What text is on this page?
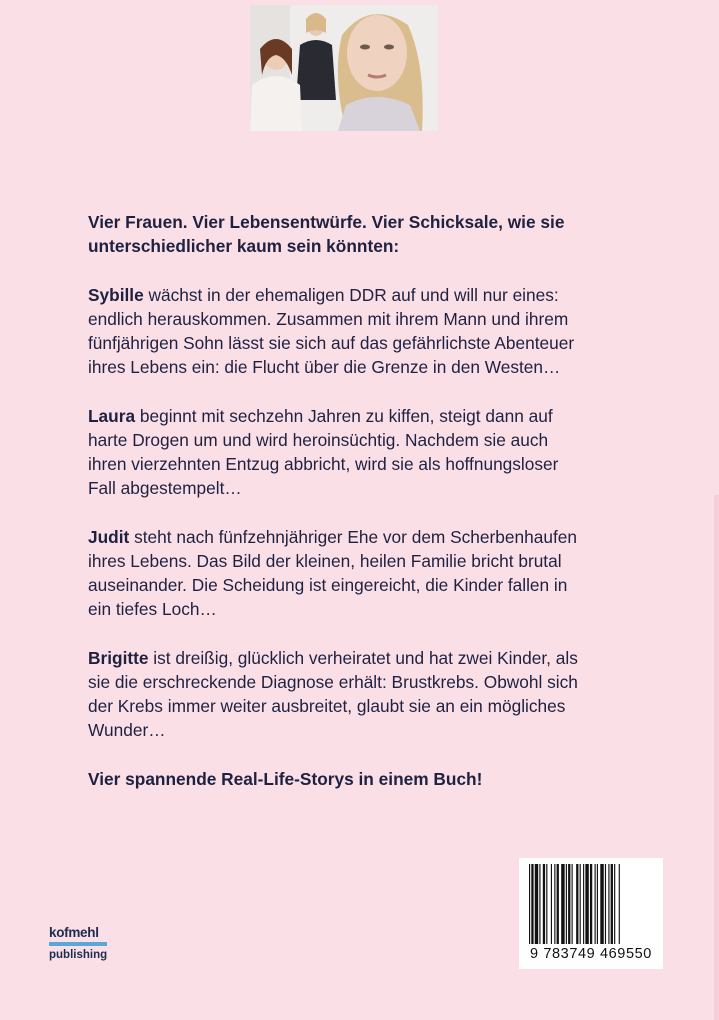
Vier Frauen. Vier Lebensentwürfe. Vier Schicksale, wie sie unterschiedlicher kaum sein könnten:

Sybille wächst in der ehemaligen DDR auf und will nur eines: endlich herauskommen. Zusammen mit ihrem Mann und ihrem fünfjährigen Sohn lässt sie sich auf das gefährlichste Abenteuer ihres Lebens ein: die Flucht über die Grenze in den Westen…

Laura beginnt mit sechzehn Jahren zu kiffen, steigt dann auf harte Drogen um und wird heroinsüchtig. Nachdem sie auch ihren vierzehnten Entzug abbricht, wird sie als hoffnungsloser Fall abgestempelt…

Judit steht nach fünfzehnjähriger Ehe vor dem Scherbenhaufen ihres Lebens. Das Bild der kleinen, heilen Familie bricht brutal auseinander. Die Scheidung ist eingereicht, die Kinder fallen in ein tiefes Loch…

Brigitte ist dreißig, glücklich verheiratet und hat zwei Kinder, als sie die erschreckende Diagnose erhält: Brustkrebs. Obwohl sich der Krebs immer weiter ausbreitet, glaubt sie an ein mögliches Wunder…

Vier spannende Real-Life-Storys in einem Buch!

kofmehl
publishing	9 783749 469550
